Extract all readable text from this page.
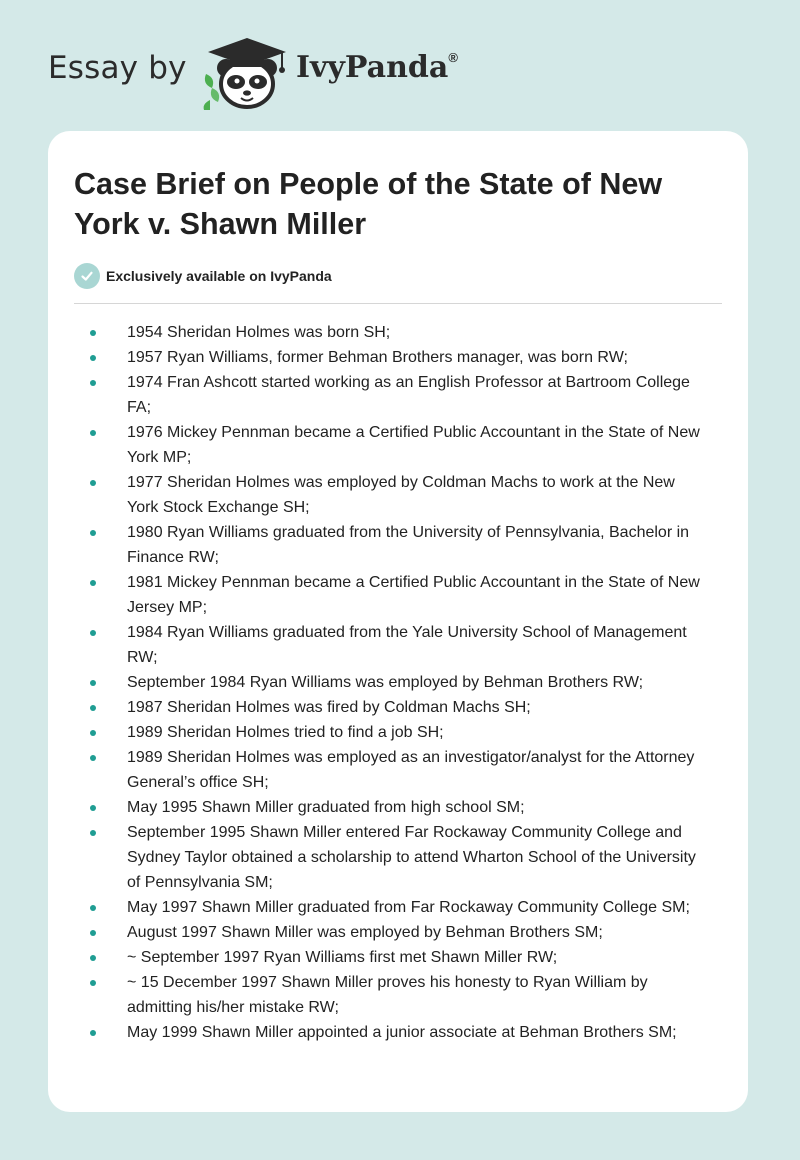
Essay by	IvyPanda®
Case Brief on People of the State of New York v. Shawn Miller
Exclusively available on IvyPanda
1954 Sheridan Holmes was born SH;
1957 Ryan Williams, former Behman Brothers manager, was born RW;
1974 Fran Ashcott started working as an English Professor at Bartroom College FA;
1976 Mickey Pennman became a Certified Public Accountant in the State of New York MP;
1977 Sheridan Holmes was employed by Coldman Machs to work at the New York Stock Exchange SH;
1980 Ryan Williams graduated from the University of Pennsylvania, Bachelor in Finance RW;
1981 Mickey Pennman became a Certified Public Accountant in the State of New Jersey MP;
1984 Ryan Williams graduated from the Yale University School of Management RW;
September 1984 Ryan Williams was employed by Behman Brothers RW;
1987 Sheridan Holmes was fired by Coldman Machs SH;
1989 Sheridan Holmes tried to find a job SH;
1989 Sheridan Holmes was employed as an investigator/analyst for the Attorney General’s office SH;
May 1995 Shawn Miller graduated from high school SM;
September 1995 Shawn Miller entered Far Rockaway Community College and Sydney Taylor obtained a scholarship to attend Wharton School of the University of Pennsylvania SM;
May 1997 Shawn Miller graduated from Far Rockaway Community College SM;
August 1997 Shawn Miller was employed by Behman Brothers SM;
~ September 1997 Ryan Williams first met Shawn Miller RW;
~ 15 December 1997 Shawn Miller proves his honesty to Ryan William by admitting his/her mistake RW;
May 1999 Shawn Miller appointed a junior associate at Behman Brothers SM;
